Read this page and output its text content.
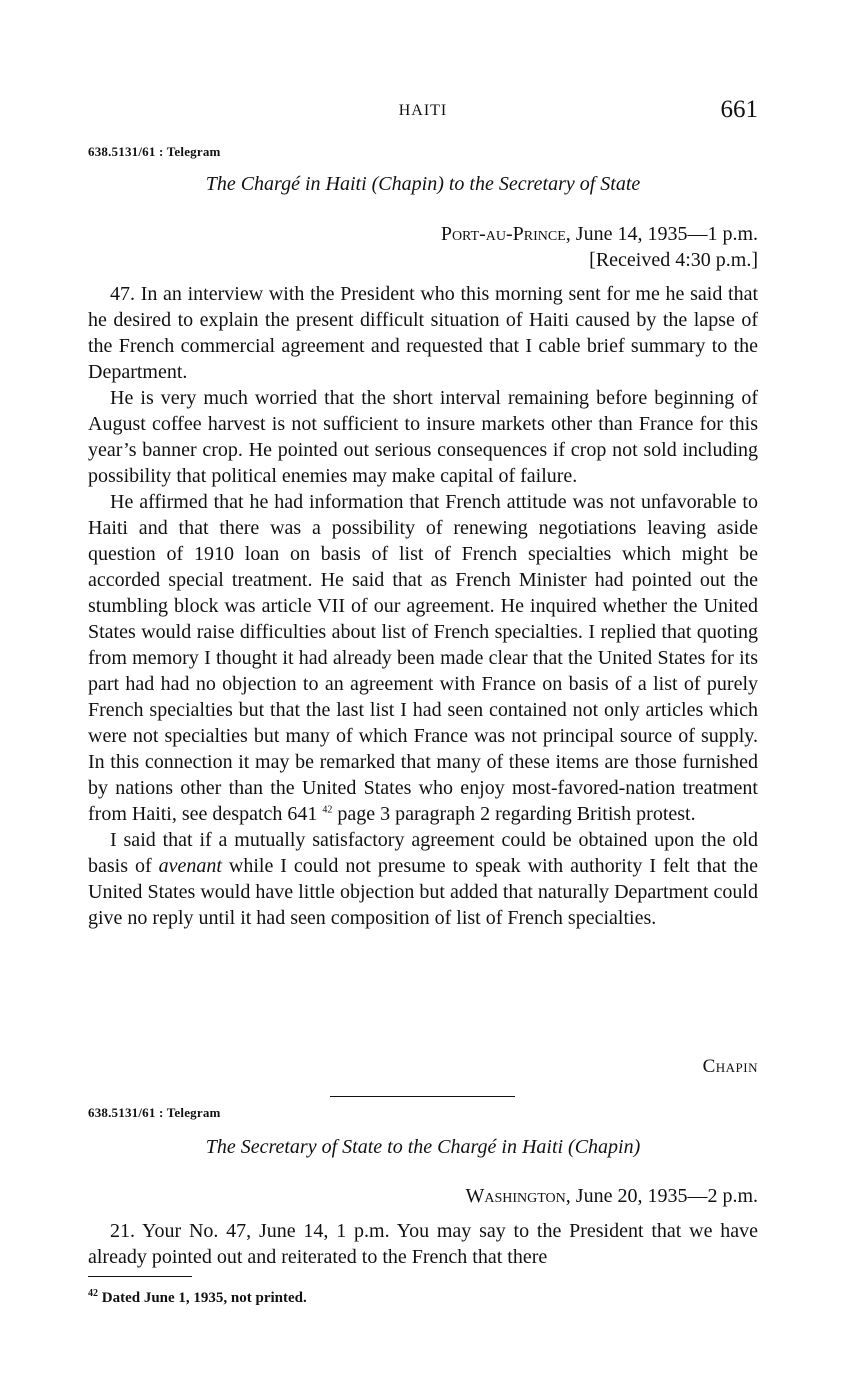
HAITI	661
638.5131/61 : Telegram
The Chargé in Haiti (Chapin) to the Secretary of State
Port-au-Prince, June 14, 1935—1 p.m.
[Received 4:30 p.m.]

47. In an interview with the President who this morning sent for me he said that he desired to explain the present difficult situation of Haiti caused by the lapse of the French commercial agreement and requested that I cable brief summary to the Department.

He is very much worried that the short interval remaining before beginning of August coffee harvest is not sufficient to insure markets other than France for this year’s banner crop. He pointed out serious consequences if crop not sold including possibility that political enemies may make capital of failure.

He affirmed that he had information that French attitude was not unfavorable to Haiti and that there was a possibility of renewing negotiations leaving aside question of 1910 loan on basis of list of French specialties which might be accorded special treatment. He said that as French Minister had pointed out the stumbling block was article VII of our agreement. He inquired whether the United States would raise difficulties about list of French specialties. I replied that quoting from memory I thought it had already been made clear that the United States for its part had had no objection to an agreement with France on basis of a list of purely French specialties but that the last list I had seen contained not only articles which were not specialties but many of which France was not principal source of supply. In this connection it may be remarked that many of these items are those furnished by nations other than the United States who enjoy most-favored-nation treatment from Haiti, see despatch 641 $^{42}$ page 3 paragraph 2 regarding British protest.

I said that if a mutually satisfactory agreement could be obtained upon the old basis of avenant while I could not presume to speak with authority I felt that the United States would have little objection but added that naturally Department could give no reply until it had seen composition of list of French specialties.

Chapin
638.5131/61 : Telegram
The Secretary of State to the Chargé in Haiti (Chapin)
Washington, June 20, 1935—2 p.m.

21. Your No. 47, June 14, 1 p.m. You may say to the President that we have already pointed out and reiterated to the French that there

$^{42}$ Dated June 1, 1935, not printed.
